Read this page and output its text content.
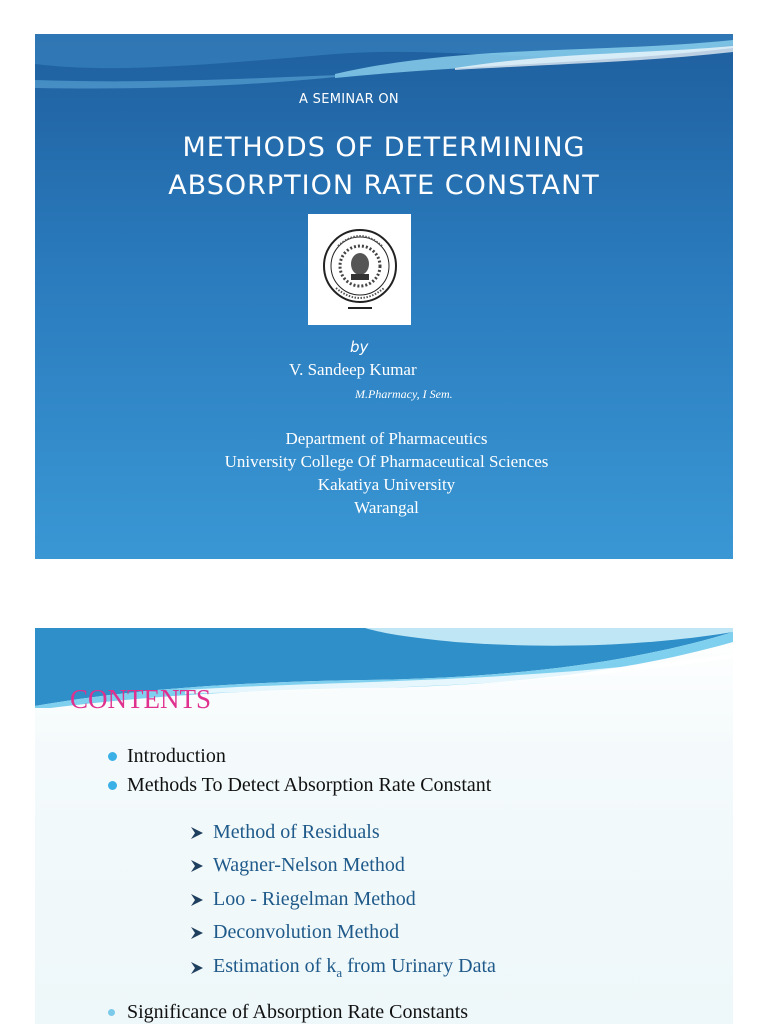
A SEMINAR ON
METHODS OF DETERMINING
ABSORPTION RATE CONSTANT
by
V. Sandeep Kumar
M.Pharmacy, I Sem.
Department of Pharmaceutics
University College Of Pharmaceutical Sciences
Kakatiya University
Warangal
CONTENTS
Introduction
Methods To Detect Absorption Rate Constant
Method of Residuals
Wagner-Nelson Method
Loo - Riegelman Method
Deconvolution Method
Estimation of $k_a$ from Urinary Data
Significance of Absorption Rate Constants
